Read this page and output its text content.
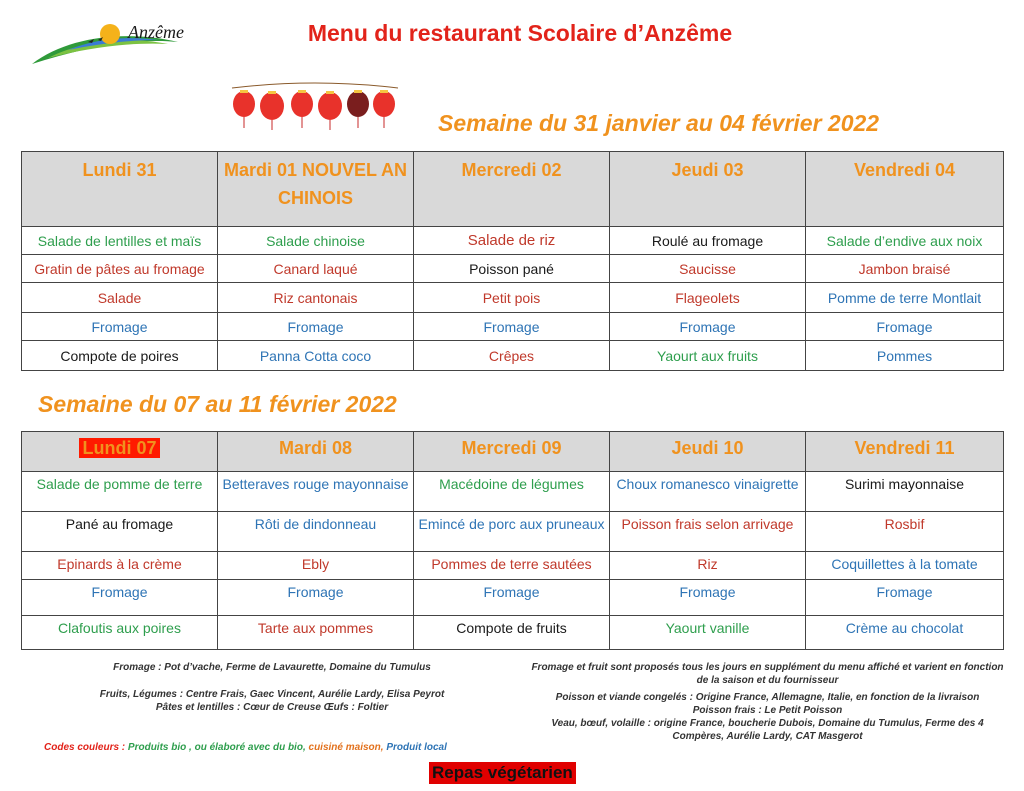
Anzême	Menu du restaurant Scolaire d’Anzême
Semaine du 31 janvier au 04 février 2022
Lundi 31	Mardi 01 NOUVEL AN CHINOIS	Mercredi 02	Jeudi 03	Vendredi 04
Salade de lentilles et maïs	Salade chinoise	Salade de riz	Roulé au fromage	Salade d’endive aux noix
Gratin de pâtes au fromage	Canard laqué	Poisson pané	Saucisse	Jambon braisé
Salade	Riz cantonais	Petit pois	Flageolets	Pomme de terre Montlait
Fromage	Fromage	Fromage	Fromage	Fromage
Compote de poires	Panna Cotta coco	Crêpes	Yaourt aux fruits	Pommes
Semaine du 07 au 11 février 2022
Lundi 07	Mardi 08	Mercredi 09	Jeudi 10	Vendredi 11
Salade de pomme de terre	Betteraves rouge mayonnaise	Macédoine de légumes	Choux romanesco vinaigrette	Surimi mayonnaise
Pané au fromage	Rôti de dindonneau	Emincé de porc aux pruneaux	Poisson frais selon arrivage	Rosbif
Epinards à la crème	Ebly	Pommes de terre sautées	Riz	Coquillettes à la tomate
Fromage	Fromage	Fromage	Fromage	Fromage
Clafoutis aux poires	Tarte aux pommes	Compote de fruits	Yaourt vanille	Crème au chocolat
Fromage : Pot d’vache, Ferme de Lavaurette, Domaine du Tumulus
Fruits, Légumes : Centre Frais, Gaec Vincent, Aurélie Lardy, Elisa Peyrot
Pâtes et lentilles : Cœur de Creuse Œufs : Foltier
Fromage et fruit sont proposés tous les jours en supplément du menu affiché et varient en fonction de la saison et du fournisseur
Poisson et viande congelés : Origine France, Allemagne, Italie, en fonction de la livraison
Poisson frais : Le Petit Poisson
Veau, bœuf, volaille : origine France, boucherie Dubois, Domaine du Tumulus, Ferme des 4 Compères, Aurélie Lardy, CAT Masgerot
Codes couleurs : Produits bio , ou élaboré avec du bio, cuisiné maison, Produit local
Repas végétarien
